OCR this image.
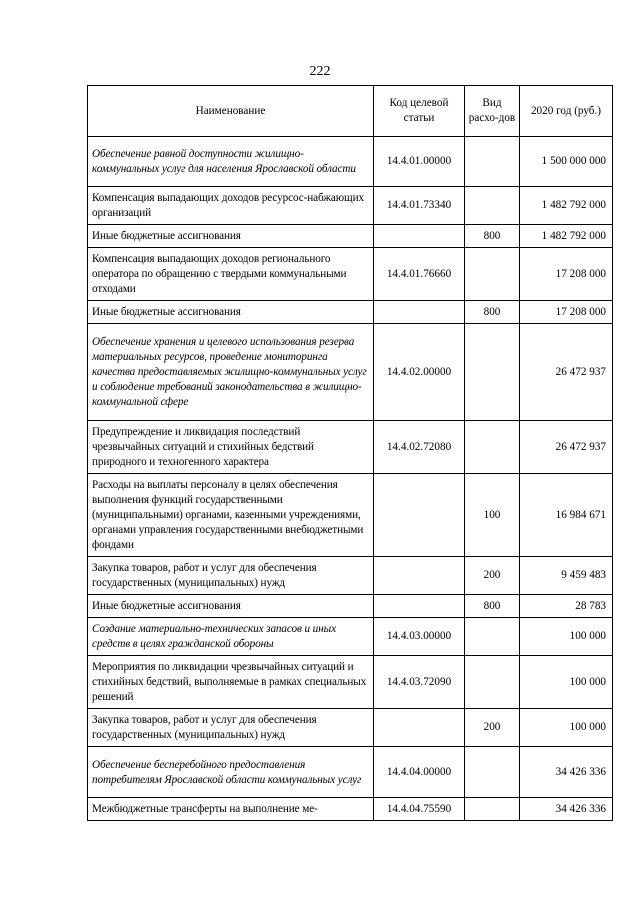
222
Наименование	Код целевой статьи	Вид расхо-дов	2020 год (руб.)
Обеспечение равной доступности жилищно-коммунальных услуг для населения Ярославской области	14.4.01.00000		1 500 000 000
Компенсация выпадающих доходов ресурсос-набжающих организаций	14.4.01.73340		1 482 792 000
Иные бюджетные ассигнования		800	1 482 792 000
Компенсация выпадающих доходов регионального оператора по обращению с твердыми коммунальными отходами	14.4.01.76660		17 208 000
Иные бюджетные ассигнования		800	17 208 000
Обеспечение хранения и целевого использования резерва материальных ресурсов, проведение мониторинга качества предоставляемых жилищно-коммунальных услуг и соблюдение требований законодательства в жилищно-коммунальной сфере	14.4.02.00000		26 472 937
Предупреждение и ликвидация последствий чрезвычайных ситуаций и стихийных бедствий природного и техногенного характера	14.4.02.72080		26 472 937
Расходы на выплаты персоналу в целях обеспечения выполнения функций государственными (муниципальными) органами, казенными учреждениями, органами управления государственными внебюджетными фондами		100	16 984 671
Закупка товаров, работ и услуг для обеспечения государственных (муниципальных) нужд		200	9 459 483
Иные бюджетные ассигнования		800	28 783
Создание материально-технических запасов и иных средств в целях гражданской обороны	14.4.03.00000		100 000
Мероприятия по ликвидации чрезвычайных ситуаций и стихийных бедствий, выполняемые в рамках специальных решений	14.4.03.72090		100 000
Закупка товаров, работ и услуг для обеспечения государственных (муниципальных) нужд		200	100 000
Обеспечение бесперебойного предоставления потребителям Ярославской области коммунальных услуг	14.4.04.00000		34 426 336
Межбюджетные трансферты на выполнение ме-	14.4.04.75590		34 426 336
